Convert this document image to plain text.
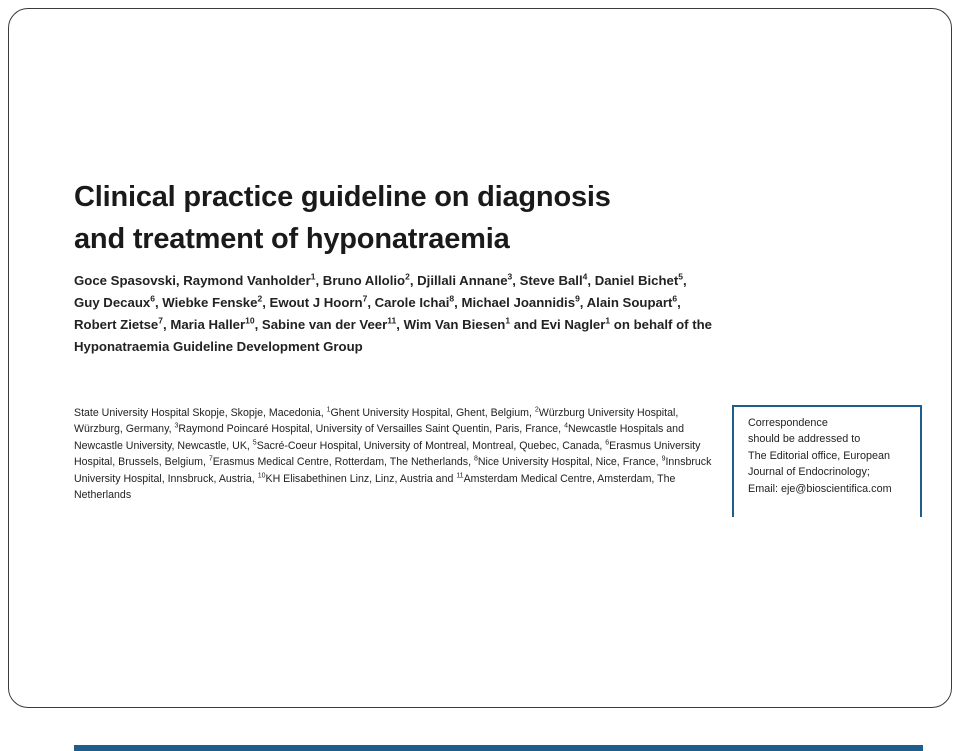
Clinical practice guideline on diagnosis
and treatment of hyponatraemia
Goce Spasovski, Raymond Vanholder$^1$, Bruno Allolio$^2$, Djillali Annane$^3$, Steve Ball$^4$, Daniel Bichet$^5$, Guy Decaux$^6$, Wiebke Fenske$^2$, Ewout J Hoorn$^7$, Carole Ichai$^8$, Michael Joannidis$^9$, Alain Soupart$^6$, Robert Zietse$^7$, Maria Haller$^{10}$, Sabine van der Veer$^{11}$, Wim Van Biesen$^1$ and Evi Nagler$^1$ on behalf of the Hyponatraemia Guideline Development Group
State University Hospital Skopje, Skopje, Macedonia, $^1$Ghent University Hospital, Ghent, Belgium, $^2$Würzburg University Hospital, Würzburg, Germany, $^3$Raymond Poincaré Hospital, University of Versailles Saint Quentin, Paris, France, $^4$Newcastle Hospitals and Newcastle University, Newcastle, UK, $^5$Sacré-Coeur Hospital, University of Montreal, Montreal, Quebec, Canada, $^6$Erasmus University Hospital, Brussels, Belgium, $^7$Erasmus Medical Centre, Rotterdam, The Netherlands, $^8$Nice University Hospital, Nice, France, $^9$Innsbruck University Hospital, Innsbruck, Austria, $^{10}$KH Elisabethinen Linz, Linz, Austria and $^{11}$Amsterdam Medical Centre, Amsterdam, The Netherlands
Correspondence
should be addressed to
The Editorial office, European
Journal of Endocrinology;
Email: eje@bioscientifica.com
